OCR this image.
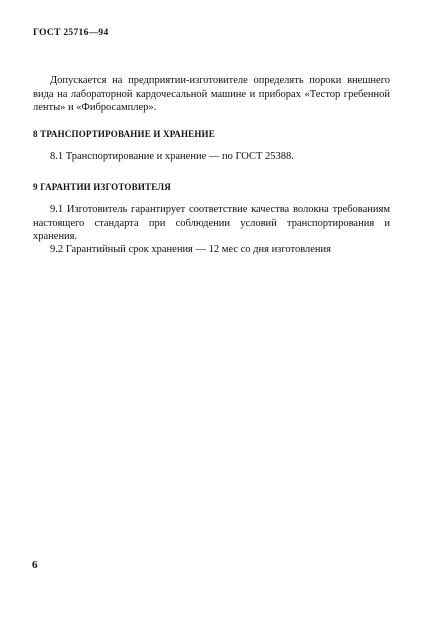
ГОСТ 25716—94
Допускается на предприятии-изготовителе определять пороки внешнего вида на лабораторной кардочесальной машине и приборах «Тестор гребенной ленты» и «Фибросамплер».
8 ТРАНСПОРТИРОВАНИЕ И ХРАНЕНИЕ
8.1 Транспортирование и хранение — по ГОСТ 25388.
9 ГАРАНТИИ ИЗГОТОВИТЕЛЯ
9.1 Изготовитель гарантирует соответствие качества волокна требованиям настоящего стандарта при соблюдении условий транспортирования и хранения.
9.2 Гарантийный срок хранения — 12 мес со дня изготовления
6
